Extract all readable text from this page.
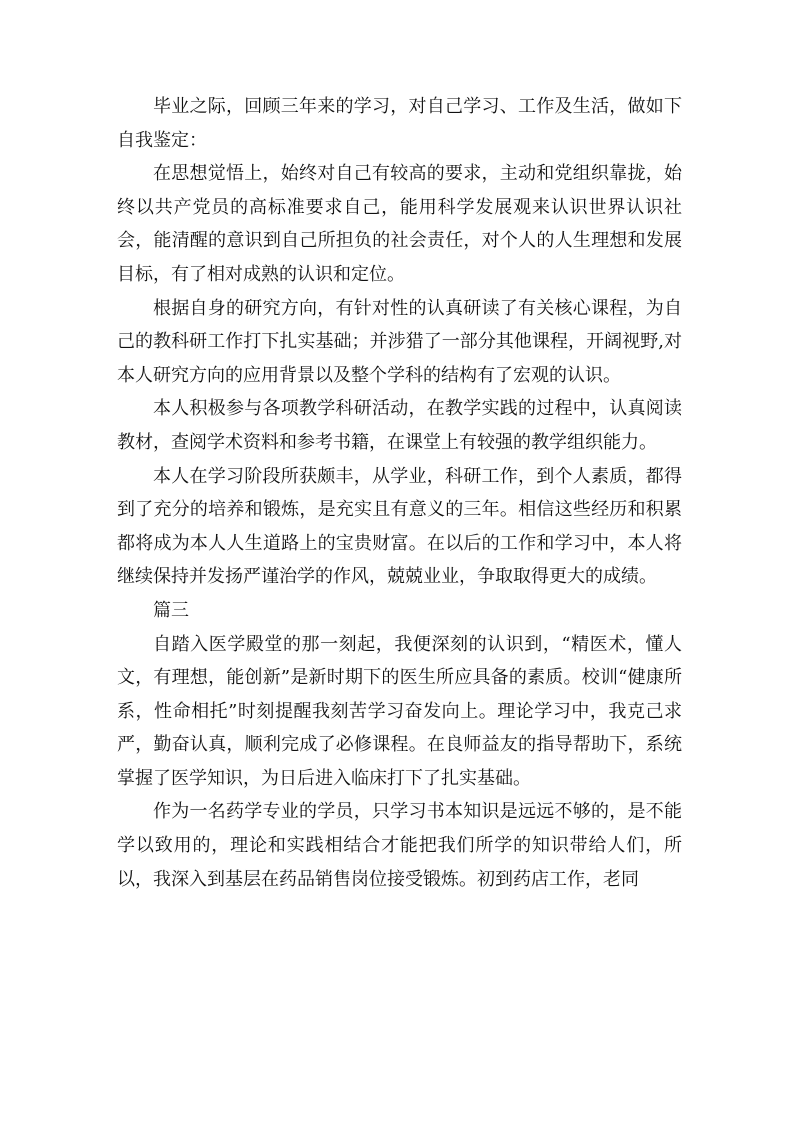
毕业之际，回顾三年来的学习，对自己学习、工作及生活，做如下自我鉴定：

在思想觉悟上，始终对自己有较高的要求，主动和党组织靠拢，始终以共产党员的高标准要求自己，能用科学发展观来认识世界认识社会，能清醒的意识到自己所担负的社会责任，对个人的人生理想和发展目标，有了相对成熟的认识和定位。

根据自身的研究方向，有针对性的认真研读了有关核心课程，为自己的教科研工作打下扎实基础；并涉猎了一部分其他课程，开阔视野,对本人研究方向的应用背景以及整个学科的结构有了宏观的认识。

本人积极参与各项教学科研活动，在教学实践的过程中，认真阅读教材，查阅学术资料和参考书籍，在课堂上有较强的教学组织能力。

本人在学习阶段所获颇丰，从学业，科研工作，到个人素质，都得到了充分的培养和锻炼，是充实且有意义的三年。相信这些经历和积累都将成为本人人生道路上的宝贵财富。在以后的工作和学习中，本人将继续保持并发扬严谨治学的作风，兢兢业业，争取取得更大的成绩。

篇三

自踏入医学殿堂的那一刻起，我便深刻的认识到，“精医术，懂人文，有理想，能创新”是新时期下的医生所应具备的素质。校训“健康所系，性命相托”时刻提醒我刻苦学习奋发向上。理论学习中，我克己求严，勤奋认真，顺利完成了必修课程。在良师益友的指导帮助下，系统掌握了医学知识，为日后进入临床打下了扎实基础。

作为一名药学专业的学员，只学习书本知识是远远不够的，是不能学以致用的，理论和实践相结合才能把我们所学的知识带给人们，所以，我深入到基层在药品销售岗位接受锻炼。初到药店工作，老同
